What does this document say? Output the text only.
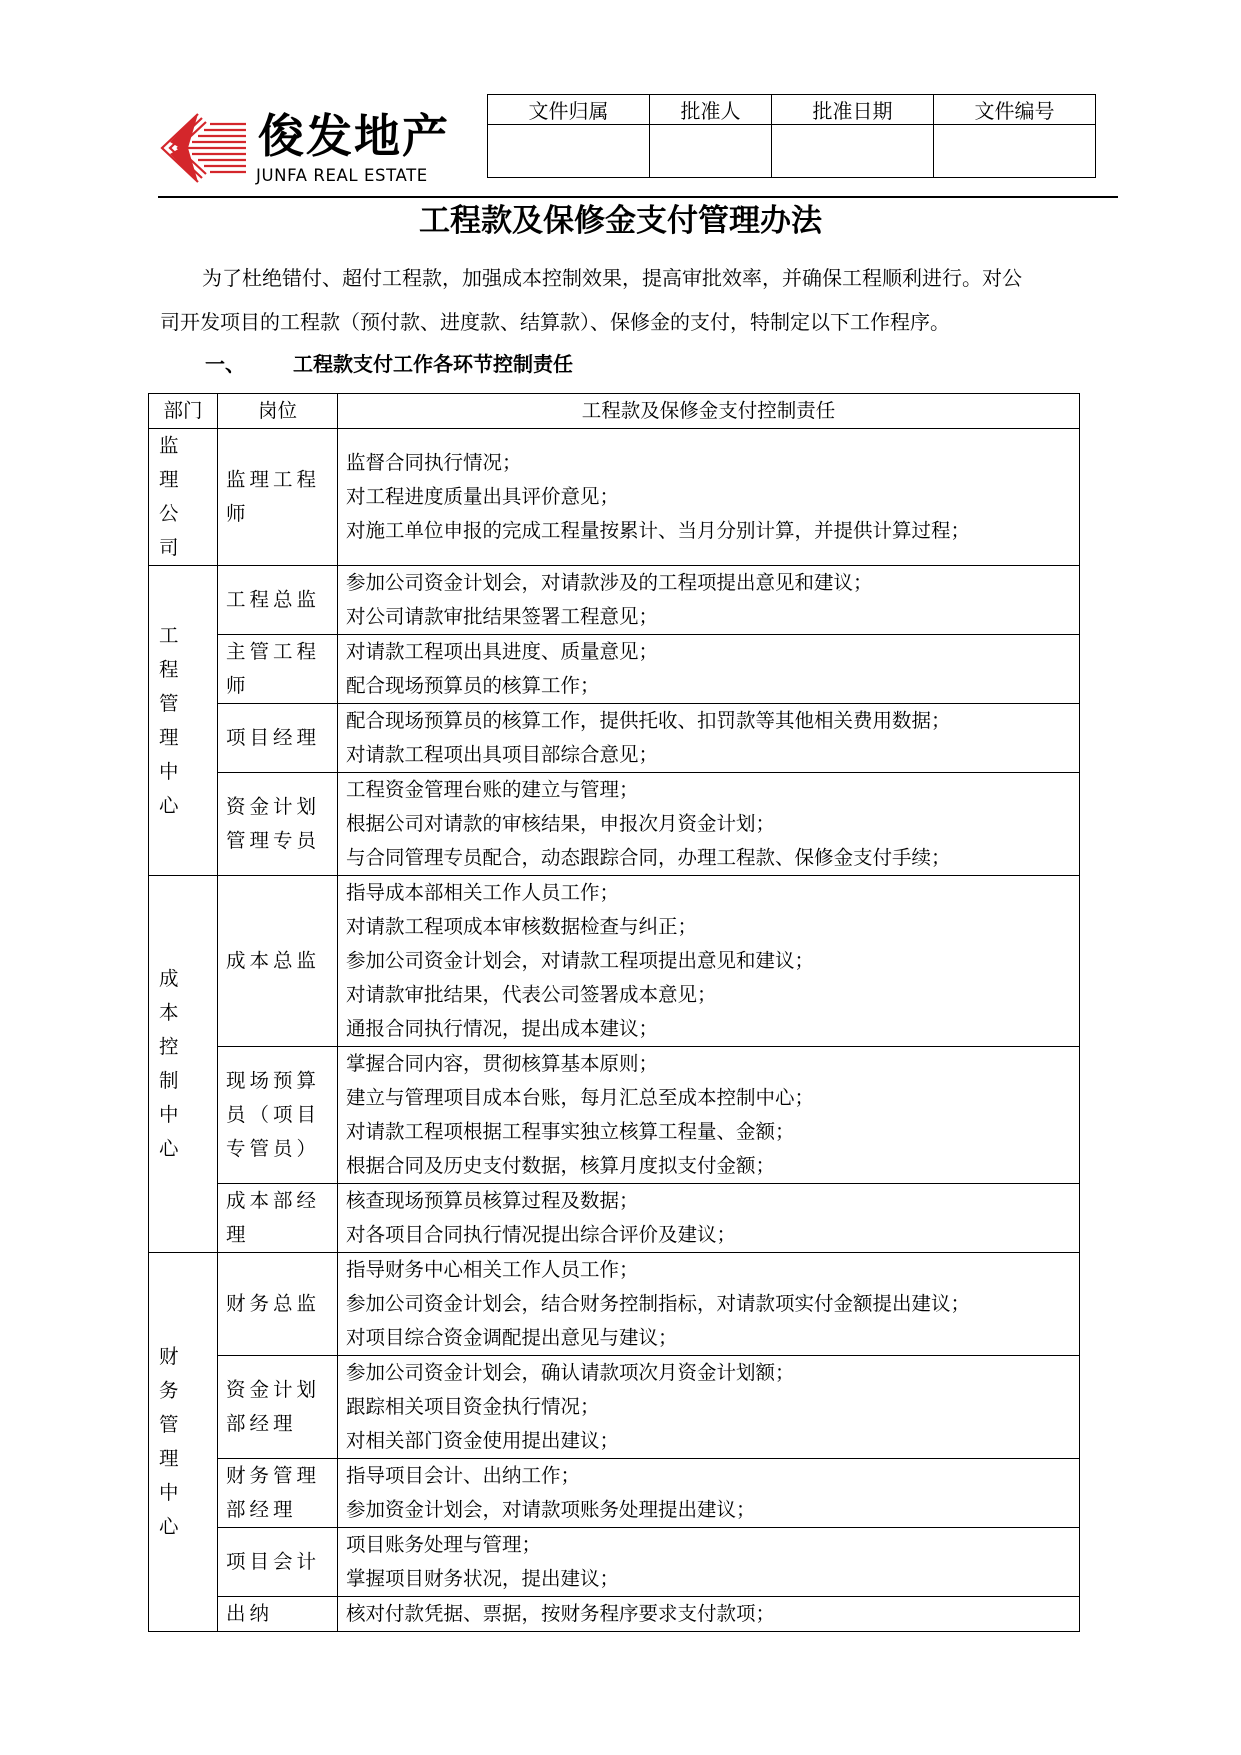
俊发地产
JUNFA REAL ESTATE
文件归属	批准人	批准日期	文件编号

工程款及保修金支付管理办法
为了杜绝错付、超付工程款，加强成本控制效果，提高审批效率，并确保工程顺利进行。对公
司开发项目的工程款（预付款、进度款、结算款）、保修金的支付，特制定以下工作程序。
一、 工程款支付工作各环节控制责任
部门	岗位	工程款及保修金支付控制责任
监理公司	监理工程师	监督合同执行情况；
对工程进度质量出具评价意见；
对施工单位申报的完成工程量按累计、当月分别计算，并提供计算过程；

工程管理中心	工程总监	参加公司资金计划会，对请款涉及的工程项提出意见和建议；
对公司请款审批结果签署工程意见；

	主管工程师	对请款工程项出具进度、质量意见；
配合现场预算员的核算工作；

	项目经理	配合现场预算员的核算工作，提供托收、扣罚款等其他相关费用数据；
对请款工程项出具项目部综合意见；

	资金计划管理专员	工程资金管理台账的建立与管理；
根据公司对请款的审核结果，申报次月资金计划；
与合同管理专员配合，动态跟踪合同，办理工程款、保修金支付手续；

成本控制中心	成本总监	指导成本部相关工作人员工作；
对请款工程项成本审核数据检查与纠正；
参加公司资金计划会，对请款工程项提出意见和建议；
对请款审批结果，代表公司签署成本意见；
通报合同执行情况，提出成本建议；

	现场预算员（项目专管员）	掌握合同内容，贯彻核算基本原则；
建立与管理项目成本台账，每月汇总至成本控制中心；
对请款工程项根据工程事实独立核算工程量、金额；
根据合同及历史支付数据，核算月度拟支付金额；

	成本部经理	核查现场预算员核算过程及数据；
对各项目合同执行情况提出综合评价及建议；

财务管理中心	财务总监	指导财务中心相关工作人员工作；
参加公司资金计划会，结合财务控制指标，对请款项实付金额提出建议；
对项目综合资金调配提出意见与建议；

	资金计划部经理	参加公司资金计划会，确认请款项次月资金计划额；
跟踪相关项目资金执行情况；
对相关部门资金使用提出建议；

	财务管理部经理	指导项目会计、出纳工作；
参加资金计划会，对请款项账务处理提出建议；

	项目会计	项目账务处理与管理；
掌握项目财务状况，提出建议；

	出纳	核对付款凭据、票据，按财务程序要求支付款项；
